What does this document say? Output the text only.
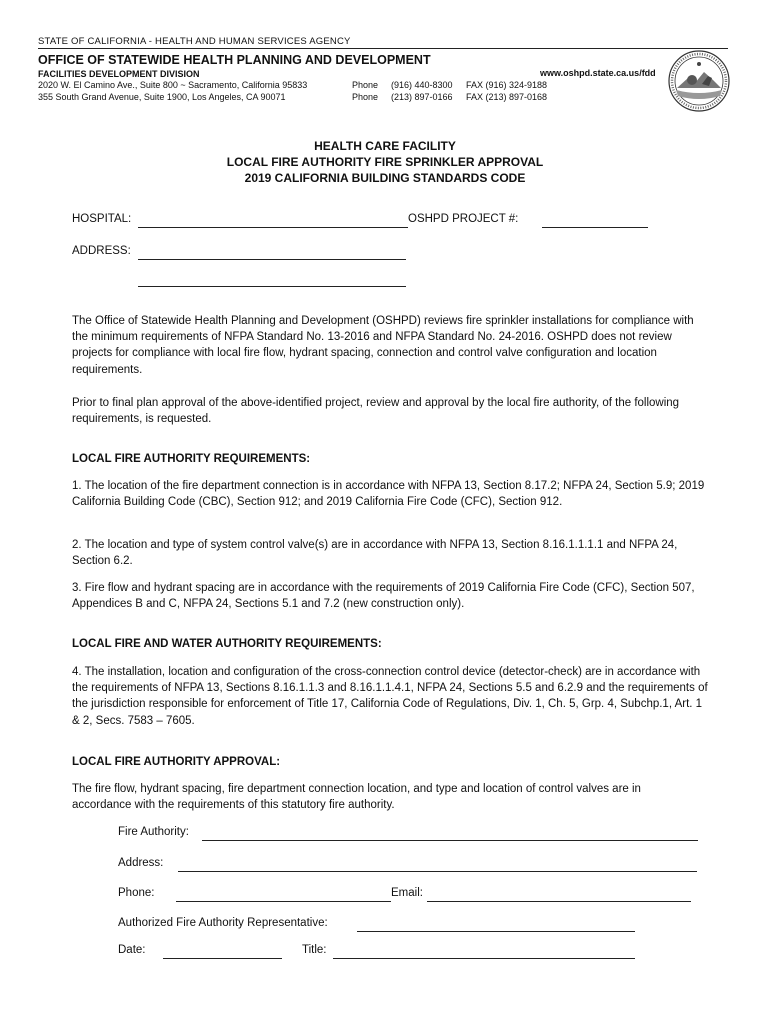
STATE OF CALIFORNIA - HEALTH AND HUMAN SERVICES AGENCY
OFFICE OF STATEWIDE HEALTH PLANNING AND DEVELOPMENT
FACILITIES DEVELOPMENT DIVISION	www.oshpd.state.ca.us/fdd
2020 W. El Camino Ave., Suite 800 ~ Sacramento, California 95833
355 South Grand Avenue, Suite 1900, Los Angeles, CA 90071
Phone (916) 440-8300 FAX (916) 324-9188
Phone (213) 897-0166 FAX (213) 897-0168
HEALTH CARE FACILITY
LOCAL FIRE AUTHORITY FIRE SPRINKLER APPROVAL
2019 CALIFORNIA BUILDING STANDARDS CODE
HOSPITAL:	OSHPD PROJECT #:
ADDRESS:
The Office of Statewide Health Planning and Development (OSHPD) reviews fire sprinkler installations for compliance with the minimum requirements of NFPA Standard No. 13-2016 and NFPA Standard No. 24-2016. OSHPD does not review projects for compliance with local fire flow, hydrant spacing, connection and control valve configuration and location requirements.
Prior to final plan approval of the above-identified project, review and approval by the local fire authority, of the following requirements, is requested.
LOCAL FIRE AUTHORITY REQUIREMENTS:
1. The location of the fire department connection is in accordance with NFPA 13, Section 8.17.2; NFPA 24, Section 5.9; 2019 California Building Code (CBC), Section 912; and 2019 California Fire Code (CFC), Section 912.
2. The location and type of system control valve(s) are in accordance with NFPA 13, Section 8.16.1.1.1.1 and NFPA 24, Section 6.2.
3. Fire flow and hydrant spacing are in accordance with the requirements of 2019 California Fire Code (CFC), Section 507, Appendices B and C, NFPA 24, Sections 5.1 and 7.2 (new construction only).
LOCAL FIRE AND WATER AUTHORITY REQUIREMENTS:
4. The installation, location and configuration of the cross-connection control device (detector-check) are in accordance with the requirements of NFPA 13, Sections 8.16.1.1.3 and 8.16.1.1.4.1, NFPA 24, Sections 5.5 and 6.2.9 and the requirements of the jurisdiction responsible for enforcement of Title 17, California Code of Regulations, Div. 1, Ch. 5, Grp. 4, Subchp.1, Art. 1 & 2, Secs. 7583 – 7605.
LOCAL FIRE AUTHORITY APPROVAL:
The fire flow, hydrant spacing, fire department connection location, and type and location of control valves are in accordance with the requirements of this statutory fire authority.
Fire Authority:
Address:
Phone:	Email:
Authorized Fire Authority Representative:
Date:	Title:
